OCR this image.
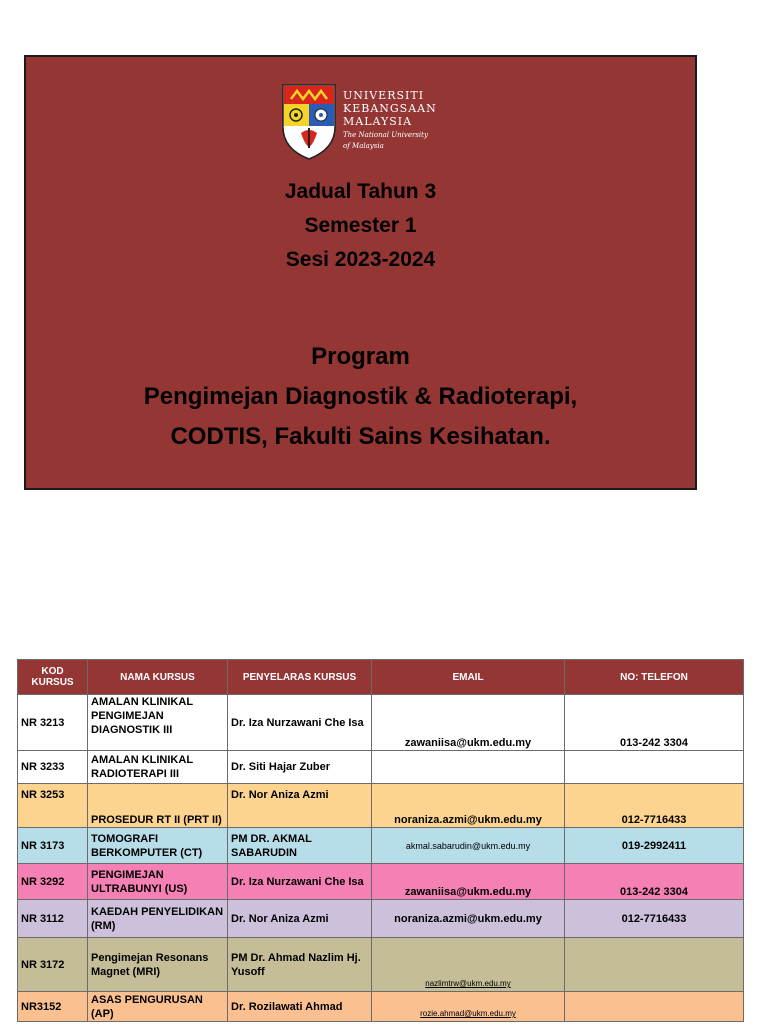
UNIVERSITI
KEBANGSAAN
MALAYSIA
The National University
of Malaysia
Jadual Tahun 3
Semester 1
Sesi 2023-2024
Program
Pengimejan Diagnostik & Radioterapi,
CODTIS, Fakulti Sains Kesihatan.
KOD KURSUS	NAMA KURSUS	PENYELARAS KURSUS	EMAIL	NO: TELEFON
NR 3213	AMALAN KLINIKAL PENGIMEJAN DIAGNOSTIK III	Dr. Iza Nurzawani Che Isa	zawaniisa@ukm.edu.my	013-242 3304
NR 3233	AMALAN KLINIKAL RADIOTERAPI III	Dr. Siti Hajar Zuber		
NR 3253	PROSEDUR RT II (PRT II)	Dr. Nor Aniza Azmi	noraniza.azmi@ukm.edu.my	012-7716433
NR 3173	TOMOGRAFI BERKOMPUTER (CT)	PM DR. AKMAL SABARUDIN	akmal.sabarudin@ukm.edu.my	019-2992411
NR 3292	PENGIMEJAN ULTRABUNYI (US)	Dr. Iza Nurzawani Che Isa	zawaniisa@ukm.edu.my	013-242 3304
NR 3112	KAEDAH PENYELIDIKAN (RM)	Dr. Nor Aniza Azmi	noraniza.azmi@ukm.edu.my	012-7716433
NR 3172	Pengimejan Resonans Magnet (MRI)	PM Dr. Ahmad Nazlim Hj. Yusoff	nazlimtrw@ukm.edu.my	
NR3152	ASAS PENGURUSAN (AP)	Dr. Rozilawati Ahmad	rozie.ahmad@ukm.edu.my	
